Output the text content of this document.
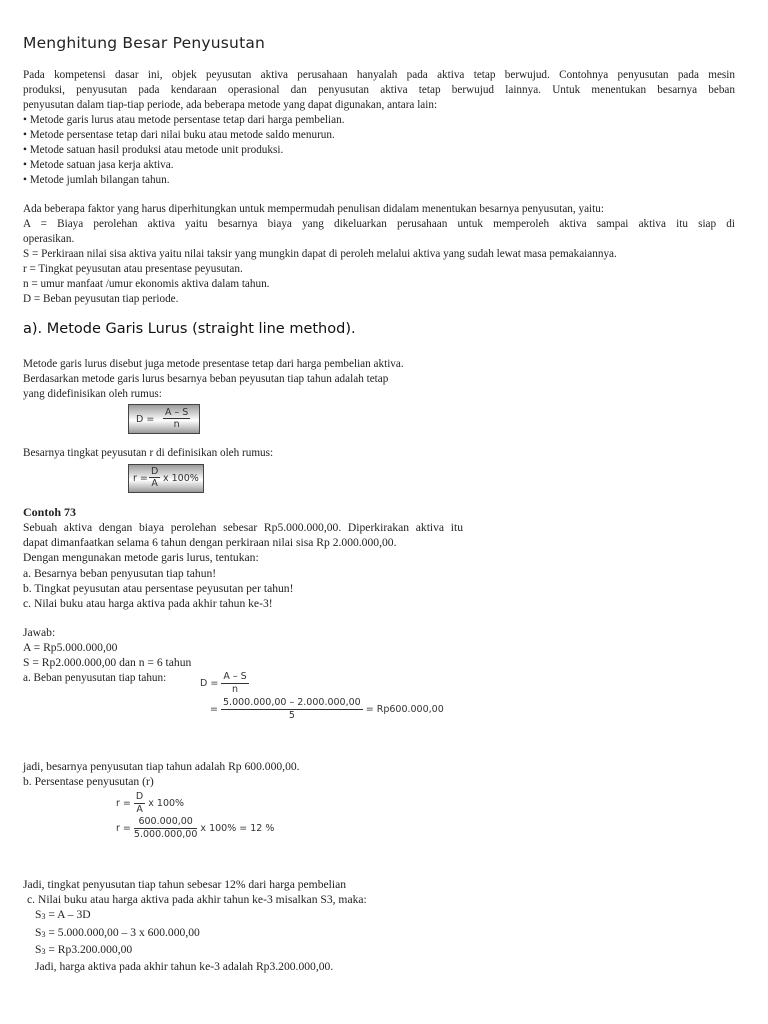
Menghitung Besar Penyusutan
Pada kompetensi dasar ini, objek peyusutan aktiva perusahaan hanyalah pada aktiva tetap berwujud. Contohnya penyusutan pada mesin
produksi, penyusutan pada kendaraan operasional dan penyusutan aktiva tetap berwujud lainnya. Untuk menentukan besarnya beban
penyusutan dalam tiap-tiap periode, ada beberapa metode yang dapat digunakan, antara lain:
• Metode garis lurus atau metode persentase tetap dari harga pembelian.
• Metode persentase tetap dari nilai buku atau metode saldo menurun.
• Metode satuan hasil produksi atau metode unit produksi.
• Metode satuan jasa kerja aktiva.
• Metode jumlah bilangan tahun.
Ada beberapa faktor yang harus diperhitungkan untuk mempermudah penulisan didalam menentukan besarnya penyusutan, yaitu:
A = Biaya perolehan aktiva yaitu besarnya biaya yang dikeluarkan perusahaan untuk memperoleh aktiva sampai aktiva itu siap di
operasikan.
S = Perkiraan nilai sisa aktiva yaitu nilai taksir yang mungkin dapat di peroleh melalui aktiva yang sudah lewat masa pemakaiannya.
r = Tingkat peyusutan atau presentase peyusutan.
n = umur manfaat /umur ekonomis aktiva dalam tahun.
D = Beban peyusutan tiap periode.
a). Metode Garis Lurus (straight line method).
Metode garis lurus disebut juga metode presentase tetap dari harga pembelian aktiva.
Berdasarkan metode garis lurus besarnya beban peyusutan tiap tahun adalah tetap
yang didefinisikan oleh rumus:
$D = \frac{A - S}{n}$
Besarnya tingkat peyusutan r di definisikan oleh rumus:
$r = \frac{D}{A}$ x 100%
Contoh 73
Sebuah aktiva dengan biaya perolehan sebesar Rp5.000.000,00. Diperkirakan aktiva itu
dapat dimanfaatkan selama 6 tahun dengan perkiraan nilai sisa Rp 2.000.000,00.
Dengan mengunakan metode garis lurus, tentukan:
a. Besarnya beban penyusutan tiap tahun!
b. Tingkat peyusutan atau persentase peyusutan per tahun!
c. Nilai buku atau harga aktiva pada akhir tahun ke-3!
Jawab:
A = Rp5.000.000,00
S = Rp2.000.000,00 dan n = 6 tahun
a. Beban penyusutan tiap tahun:	$D = \frac{A - S}{n}$
= $\frac{5.000.000,00 - 2.000.000,00}{5} = Rp600.000,00$
jadi, besarnya penyusutan tiap tahun adalah Rp 600.000,00.
b. Persentase penyusutan (r)
$r = \frac{D}{A}$ x 100%
$r = \frac{600.000,00}{5.000.000,00}$ x 100% = 12 %
Jadi, tingkat penyusutan tiap tahun sebesar 12% dari harga pembelian
c. Nilai buku atau harga aktiva pada akhir tahun ke-3 misalkan S3, maka:
S3 = A – 3D
S3 = 5.000.000,00 – 3 x 600.000,00
S3 = Rp3.200.000,00
Jadi, harga aktiva pada akhir tahun ke-3 adalah Rp3.200.000,00.
